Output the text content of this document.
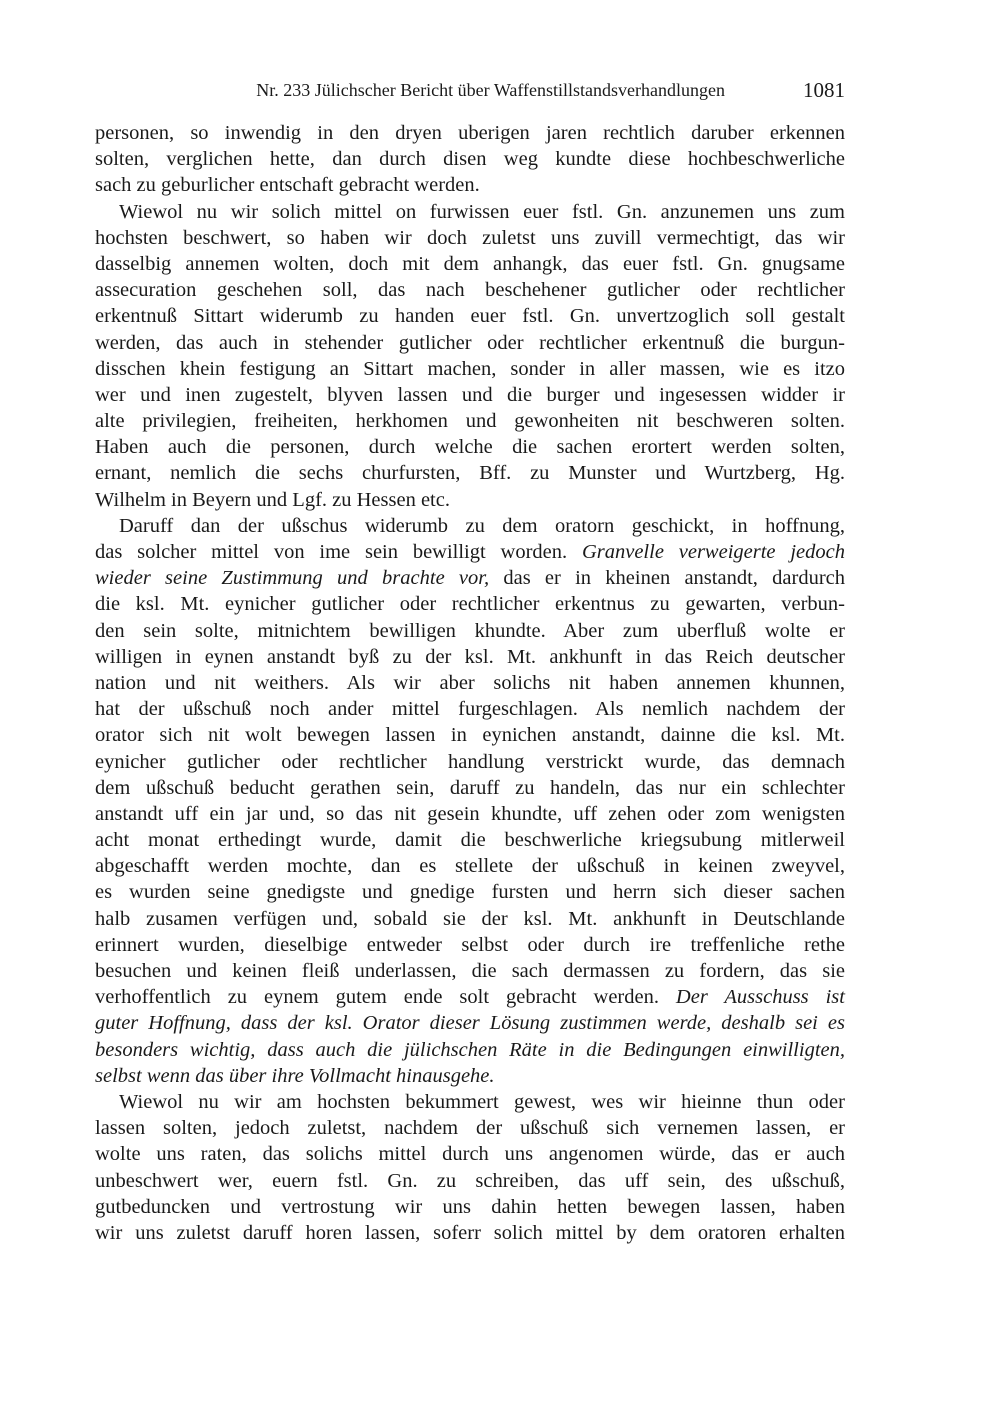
Nr. 233 Jülichscher Bericht über Waffenstillstandsverhandlungen	1081
personen, so inwendig in den dryen uberigen jaren rechtlich daruber erkennen
solten, verglichen hette, dan durch disen weg kundte diese hochbeschwerliche
sach zu geburlicher entschaft gebracht werden.
Wiewol nu wir solich mittel on furwissen euer fstl. Gn. anzunemen uns zum
hochsten beschwert, so haben wir doch zuletst uns zuvill vermechtigt, das wir
dasselbig annemen wolten, doch mit dem anhangk, das euer fstl. Gn. gnugsame
assecuration geschehen soll, das nach beschehener gutlicher oder rechtlicher
erkentnuß Sittart widerumb zu handen euer fstl. Gn. unvertzoglich soll gestalt
werden, das auch in stehender gutlicher oder rechtlicher erkentnuß die burgun-
disschen khein festigung an Sittart machen, sonder in aller massen, wie es itzo
wer und inen zugestelt, blyven lassen und die burger und ingesessen widder ir
alte privilegien, freiheiten, herkhomen und gewonheiten nit beschweren solten.
Haben auch die personen, durch welche die sachen erortert werden solten,
ernant, nemlich die sechs churfursten, Bff. zu Munster und Wurtzberg, Hg.
Wilhelm in Beyern und Lgf. zu Hessen etc.
Daruff dan der ußschus widerumb zu dem oratorn geschickt, in hoffnung,
das solcher mittel von ime sein bewilligt worden. Granvelle verweigerte jedoch
wieder seine Zustimmung und brachte vor, das er in kheinen anstandt, dardurch
die ksl. Mt. eynicher gutlicher oder rechtlicher erkentnus zu gewarten, verbun-
den sein solte, mitnichtem bewilligen khundte. Aber zum uberfluß wolte er
willigen in eynen anstandt byß zu der ksl. Mt. ankhunft in das Reich deutscher
nation und nit weithers. Als wir aber solichs nit haben annemen khunnen,
hat der ußschuß noch ander mittel furgeschlagen. Als nemlich nachdem der
orator sich nit wolt bewegen lassen in eynichen anstandt, dainne die ksl. Mt.
eynicher gutlicher oder rechtlicher handlung verstrickt wurde, das demnach
dem ußschuß beducht gerathen sein, daruff zu handeln, das nur ein schlechter
anstandt uff ein jar und, so das nit gesein khundte, uff zehen oder zom wenigsten
acht monat erthedingt wurde, damit die beschwerliche kriegsubung mitlerweil
abgeschafft werden mochte, dan es stellete der ußschuß in keinen zweyvel,
es wurden seine gnedigste und gnedige fursten und herrn sich dieser sachen
halb zusamen verfügen und, sobald sie der ksl. Mt. ankhunft in Deutschlande
erinnert wurden, dieselbige entweder selbst oder durch ire treffenliche rethe
besuchen und keinen fleiß underlassen, die sach dermassen zu fordern, das sie
verhoffentlich zu eynem gutem ende solt gebracht werden. Der Ausschuss ist
guter Hoffnung, dass der ksl. Orator dieser Lösung zustimmen werde, deshalb sei es
besonders wichtig, dass auch die jülichschen Räte in die Bedingungen einwilligten,
selbst wenn das über ihre Vollmacht hinausgehe.
Wiewol nu wir am hochsten bekummert gewest, wes wir hieinne thun oder
lassen solten, jedoch zuletst, nachdem der ußschuß sich vernemen lassen, er
wolte uns raten, das solichs mittel durch uns angenomen würde, das er auch
unbeschwert wer, euern fstl. Gn. zu schreiben, das uff sein, des ußschuß,
gutbeduncken und vertrostung wir uns dahin hetten bewegen lassen, haben
wir uns zuletst daruff horen lassen, soferr solich mittel by dem oratoren erhalten
